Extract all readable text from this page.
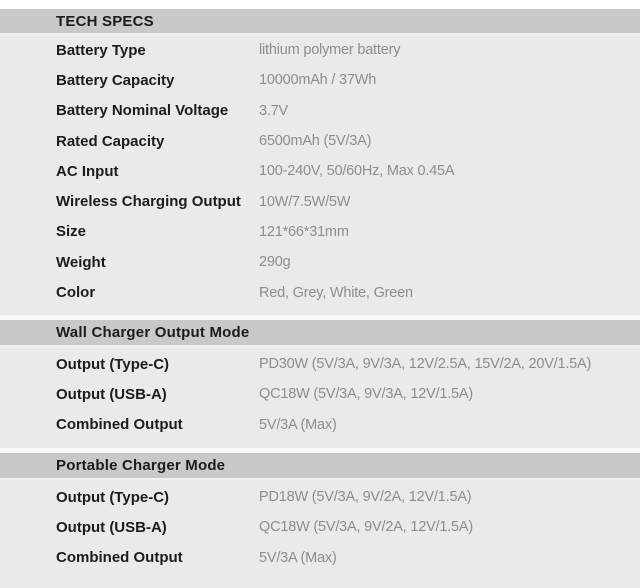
TECH SPECS
Battery Type	lithium polymer battery
Battery Capacity	10000mAh / 37Wh
Battery Nominal Voltage	3.7V
Rated Capacity	6500mAh (5V/3A)
AC Input	100-240V, 50/60Hz, Max 0.45A
Wireless Charging Output	10W/7.5W/5W
Size	121*66*31mm
Weight	290g
Color	Red, Grey, White, Green
Wall Charger Output Mode
Output (Type-C)	PD30W (5V/3A, 9V/3A, 12V/2.5A, 15V/2A, 20V/1.5A)
Output (USB-A)	QC18W (5V/3A, 9V/3A, 12V/1.5A)
Combined Output	5V/3A (Max)
Portable Charger Mode
Output (Type-C)	PD18W (5V/3A, 9V/2A, 12V/1.5A)
Output (USB-A)	QC18W (5V/3A, 9V/2A, 12V/1.5A)
Combined Output	5V/3A (Max)
